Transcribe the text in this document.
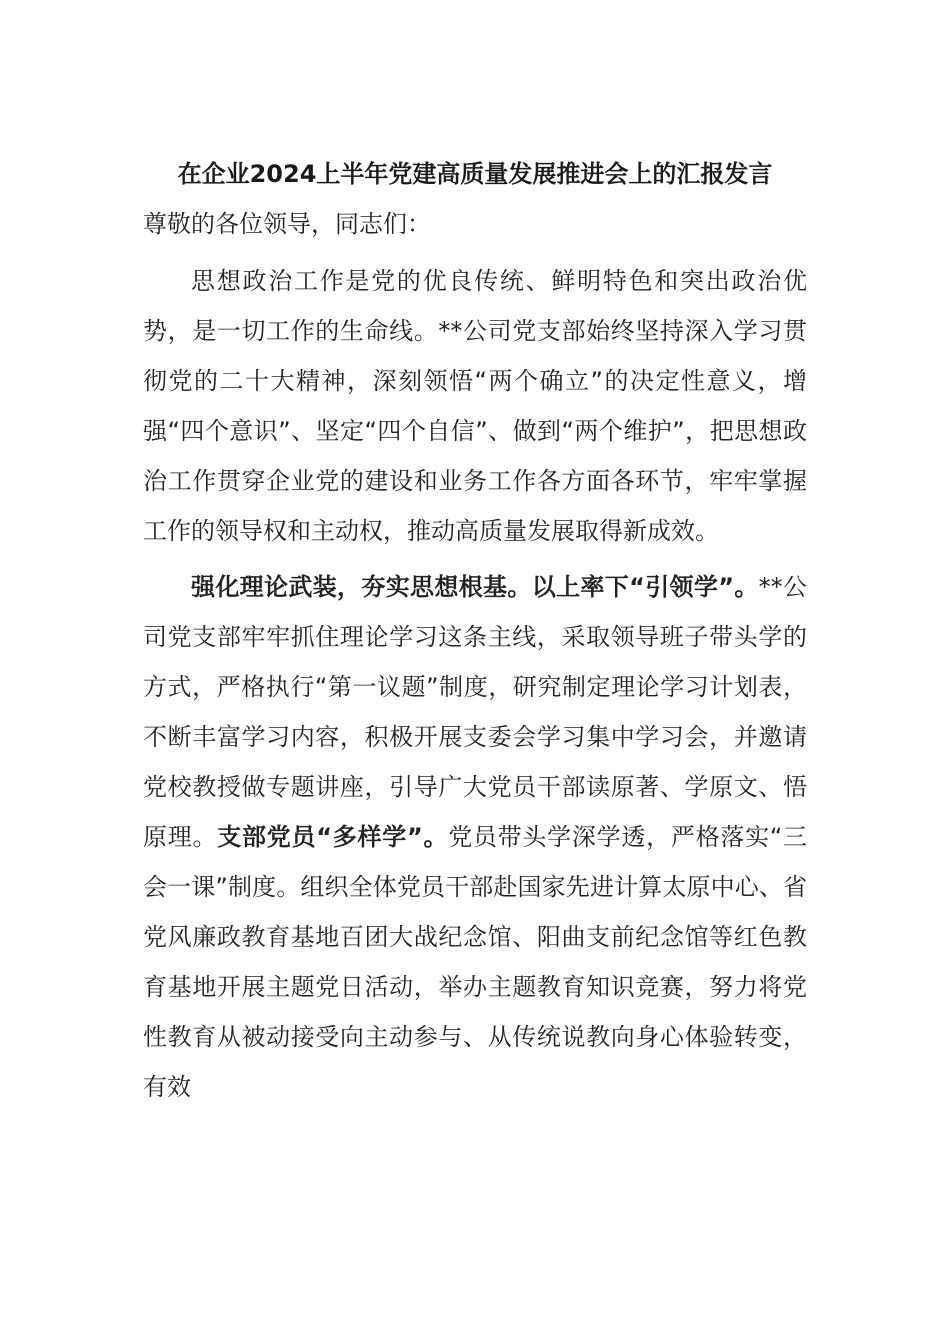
在企业2024上半年党建高质量发展推进会上的汇报发言

尊敬的各位领导，同志们：

思想政治工作是党的优良传统、鲜明特色和突出政治优势，是一切工作的生命线。**公司党支部始终坚持深入学习贯彻党的二十大精神，深刻领悟“两个确立”的决定性意义，增强“四个意识”、坚定“四个自信”、做到“两个维护”，把思想政治工作贯穿企业党的建设和业务工作各方面各环节，牢牢掌握工作的领导权和主动权，推动高质量发展取得新成效。

强化理论武装，夯实思想根基。以上率下“引领学”。**公司党支部牢牢抓住理论学习这条主线，采取领导班子带头学的方式，严格执行“第一议题”制度，研究制定理论学习计划表，不断丰富学习内容，积极开展支委会学习集中学习会，并邀请党校教授做专题讲座，引导广大党员干部读原著、学原文、悟原理。支部党员“多样学”。党员带头学深学透，严格落实“三会一课”制度。组织全体党员干部赴国家先进计算太原中心、省党风廉政教育基地百团大战纪念馆、阳曲支前纪念馆等红色教育基地开展主题党日活动，举办主题教育知识竞赛，努力将党性教育从被动接受向主动参与、从传统说教向身心体验转变，有效
